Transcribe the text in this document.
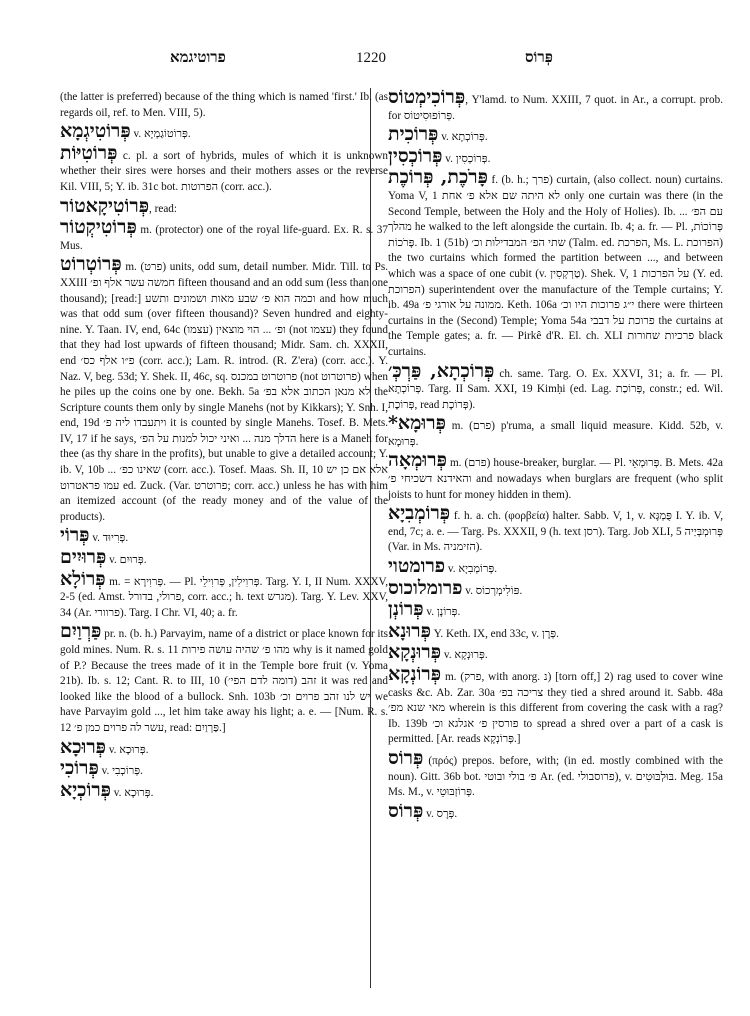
פרוטיגמא	1220	פְּרוֹס

(the latter is preferred) because of the thing which is named 'first.' Ib. (as regards oil, ref. to Men. VIII, 5).

פְּרוֹטִיגְמָא v. פְּרוֹטוֹגַמְיָא.

פְּרוֹטִיּוֹת c. pl. a sort of hybrids, mules of which it is unknown whether their sires were horses and their mothers asses or the reverse Kil. VIII, 5; Y. ib. 31c bot. הפרוטות (corr. acc.).

פְּרוֹטִיקָאטוֹר, read:

פְּרוֹטִיקְטוֹר m. (protector) one of the royal life-guard. Ex. R. s. 37 Mus.

פְּרוֹטְרוֹט m. (פרט) units, odd sum, detail number. Midr. Till. to Ps. XXIII חמשה עשר אלף ופ׳ fifteen thousand and an odd sum (less than one thousand); [read:] וכמה הוא פ׳ שבע מאות ושמונים ותשע and how much was that odd sum (over fifteen thousand)? Seven hundred and eighty-nine. Y. Taan. IV, end, 64c ופ׳ ... הוי מוצאין (עצמו) (not עצמו) they found that they had lost upwards of fifteen thousand; Midr. Sam. ch. XXXII, end פ״ו אלף כס׳ (corr. acc.); Lam. R. introd. (R. Z'era) (corr. acc.). Y. Naz. V, beg. 53d; Y. Shek. II, 46c, sq. פרוטרוט במכנס (not פרוטרוט) when he piles up the coins one by one. Bekh. 5a לא מנאן הכתוב אלא בפ׳ the Scripture counts them only by single Manehs (not by Kikkars); Y. Snh. I, end, 19d ויתעבדו ליה פ׳ it is counted by single Manehs. Tosef. B. Mets. IV, 17 if he says, הדלך מנה ... ואיני יכול למנות על הפ׳ here is a Maneh for thee (as thy share in the profits), but unable to give a detailed account; Y. ib. V, 10b ... שאינו כפ׳ (corr. acc.). Tosef. Maas. Sh. II, 10 אלא אם כן יש עמו פראטרוט ed. Zuck. (Var. פרוטרט; corr. acc.) unless he has with him an itemized account (of the ready money and of the value of the products).

פְּרוֹי v. פְּרִיוּד.

פְּרוּיִים v. פְּרוּיִם.

פְּרוֹלָא m. = פְּרוִירָא. — Pl. פְּרוִילִין, פְּרוִילֵי. Targ. Y. I, II Num. XXXV, 2-5 (ed. Amst. פרולי, בדורל, corr. acc.; h. text מגרש). Targ. Y. Lev. XXV, 34 (Ar. פרוורי). Targ. I Chr. VI, 40; a. fr.

פַּרְוַיִם pr. n. (b. h.) Parvayim, name of a district or place known for its gold mines. Num. R. s. 11 מהו פ׳ שהיה עושה פירות why is it named gold of P.? Because the trees made of it in the Temple bore fruit (v. Yoma 21b). Ib. s. 12; Cant. R. to III, 10 זהב (דומה לדם הפי׳) it was red and looked like the blood of a bullock. Snh. 103b יש לנו זהב פרוים וכ׳ we have Parvayim gold ..., let him take away his light; a. e. — [Num. R. s. 12 עשר לה פרוים כמן פ׳, read: פַּרְוַיִם.]

פְּרוּכָא v. פְּרוּכָא.

פְּרוֹכִי v. פְּרוֹכְבִי.

פְּרוֹכְיָא v. פְּרוּכָא.

פְּרוֹכִימְטוֹס, Y'lamd. to Num. XXIII, 7 quot. in Ar., a corrupt. prob. for פְּרוֹפוּסִיטוֹס.

פְּרוֹכִית v. פְּרוֹכְתָא.

פְּרוֹכְסִין v. פְּרוֹכְסִין.

פָּרֹכֶת, פְּרוֹכֶת f. (b. h.; פרך) curtain, (also collect. noun) curtains. Yoma V, 1 לא היתה שם אלא פ׳ אחת only one curtain was there (in the Second Temple, between the Holy and the Holy of Holies). Ib. עם הפ׳ ... מהלך he walked to the left alongside the curtain. Ib. 4; a. fr. — Pl. פְּרוֹכוֹת, פָּרֹכוֹת. Ib. 1 (51b) שתי הפ׳ המבדילות וכ׳ (Talm. ed. הפרכת, Ms. L. הפרוכת) the two curtains which formed the partition between ..., and between which was a space of one cubit (v. טַרְקְסִין). Shek. V, 1 על הפרכות (Y. ed. הפרוכת) superintendent over the manufacture of the Temple curtains; Y. ib. 49a ממונה על אורגי פ׳. Keth. 106a י״ג פרוכות היו וכ׳ there were thirteen curtains in the (Second) Temple; Yoma 54a פרוכת על דבבי the curtains at the Temple gates; a. fr. — Pirkê d'R. El. ch. XLI פרכיות שחורות black curtains.

פְּרוֹכְתָא, פַּרְכְּ׳ ch. same. Targ. O. Ex. XXVI, 31; a. fr. — Pl. פְּרוֹכְתָא. Targ. II Sam. XXI, 19 Kimḥi (ed. Lag. פְּרוֹכַת, constr.; ed. Wil. פְּרוֹכֶת, read פְּרוֹכָת).

פְּרוּמָא* m. (פרם) p'ruma, a small liquid measure. Kidd. 52b, v. פְּרוּמָא.

פְּרוּמְאָה m. (פרם) house-breaker, burglar. — Pl. פְּרוּמְאֵי. B. Mets. 42a והאידנא דשכיחי פ׳ and nowadays when burglars are frequent (who split joists to hunt for money hidden in them).

פְּרוֹמְבִיָא f. h. a. ch. (φορβεία) halter. Sabb. V, 1, v. פֻּמְגָּא I. Y. ib. V, end, 7c; a. e. — Targ. Ps. XXXII, 9 (h. text רסן). Targ. Job XLI, 5 פְּרוּמְבְּיַיה (Var. in Ms. הזימניה).

פרומטוי v. פְּרוֹמְבִיָא.

פרומלוכוס v. פּוֹלִימְרְכוֹס.

פְּרוֹנְן v. פְּרוֹנָן.

פְּרוּנָא Y. Keth. IX, end 33c, v. פְּרָן.

פְּרוּנְקָא v. פְּרוּנְקָא.

פְּרוֹנְקָא m. (פרק, with anorg. נ) [torn off,] 2) rag used to cover wine casks &c. Ab. Zar. 30a צריכה בפ׳ they tied a shred around it. Sabb. 48a מאי שנא מפ׳ wherein is this different from covering the cask with a rag? Ib. 139b פורסין פ׳ אגלגא וכ׳ to spread a shred over a part of a cask is permitted. [Ar. reads פְּרוֹנְקָא.]

פְּרוֹס (πρός) prepos. before, with; (in ed. mostly combined with the noun). Gitt. 36b bot. פ׳ בולי ובוטי Ar. (ed. פרוסבולי), v. בּוּלְבּוּטִים. Meg. 15a Ms. M., v. פְּרוֹזְבּוּטֵי.

פְּרוֹס v. פְּרָס.
